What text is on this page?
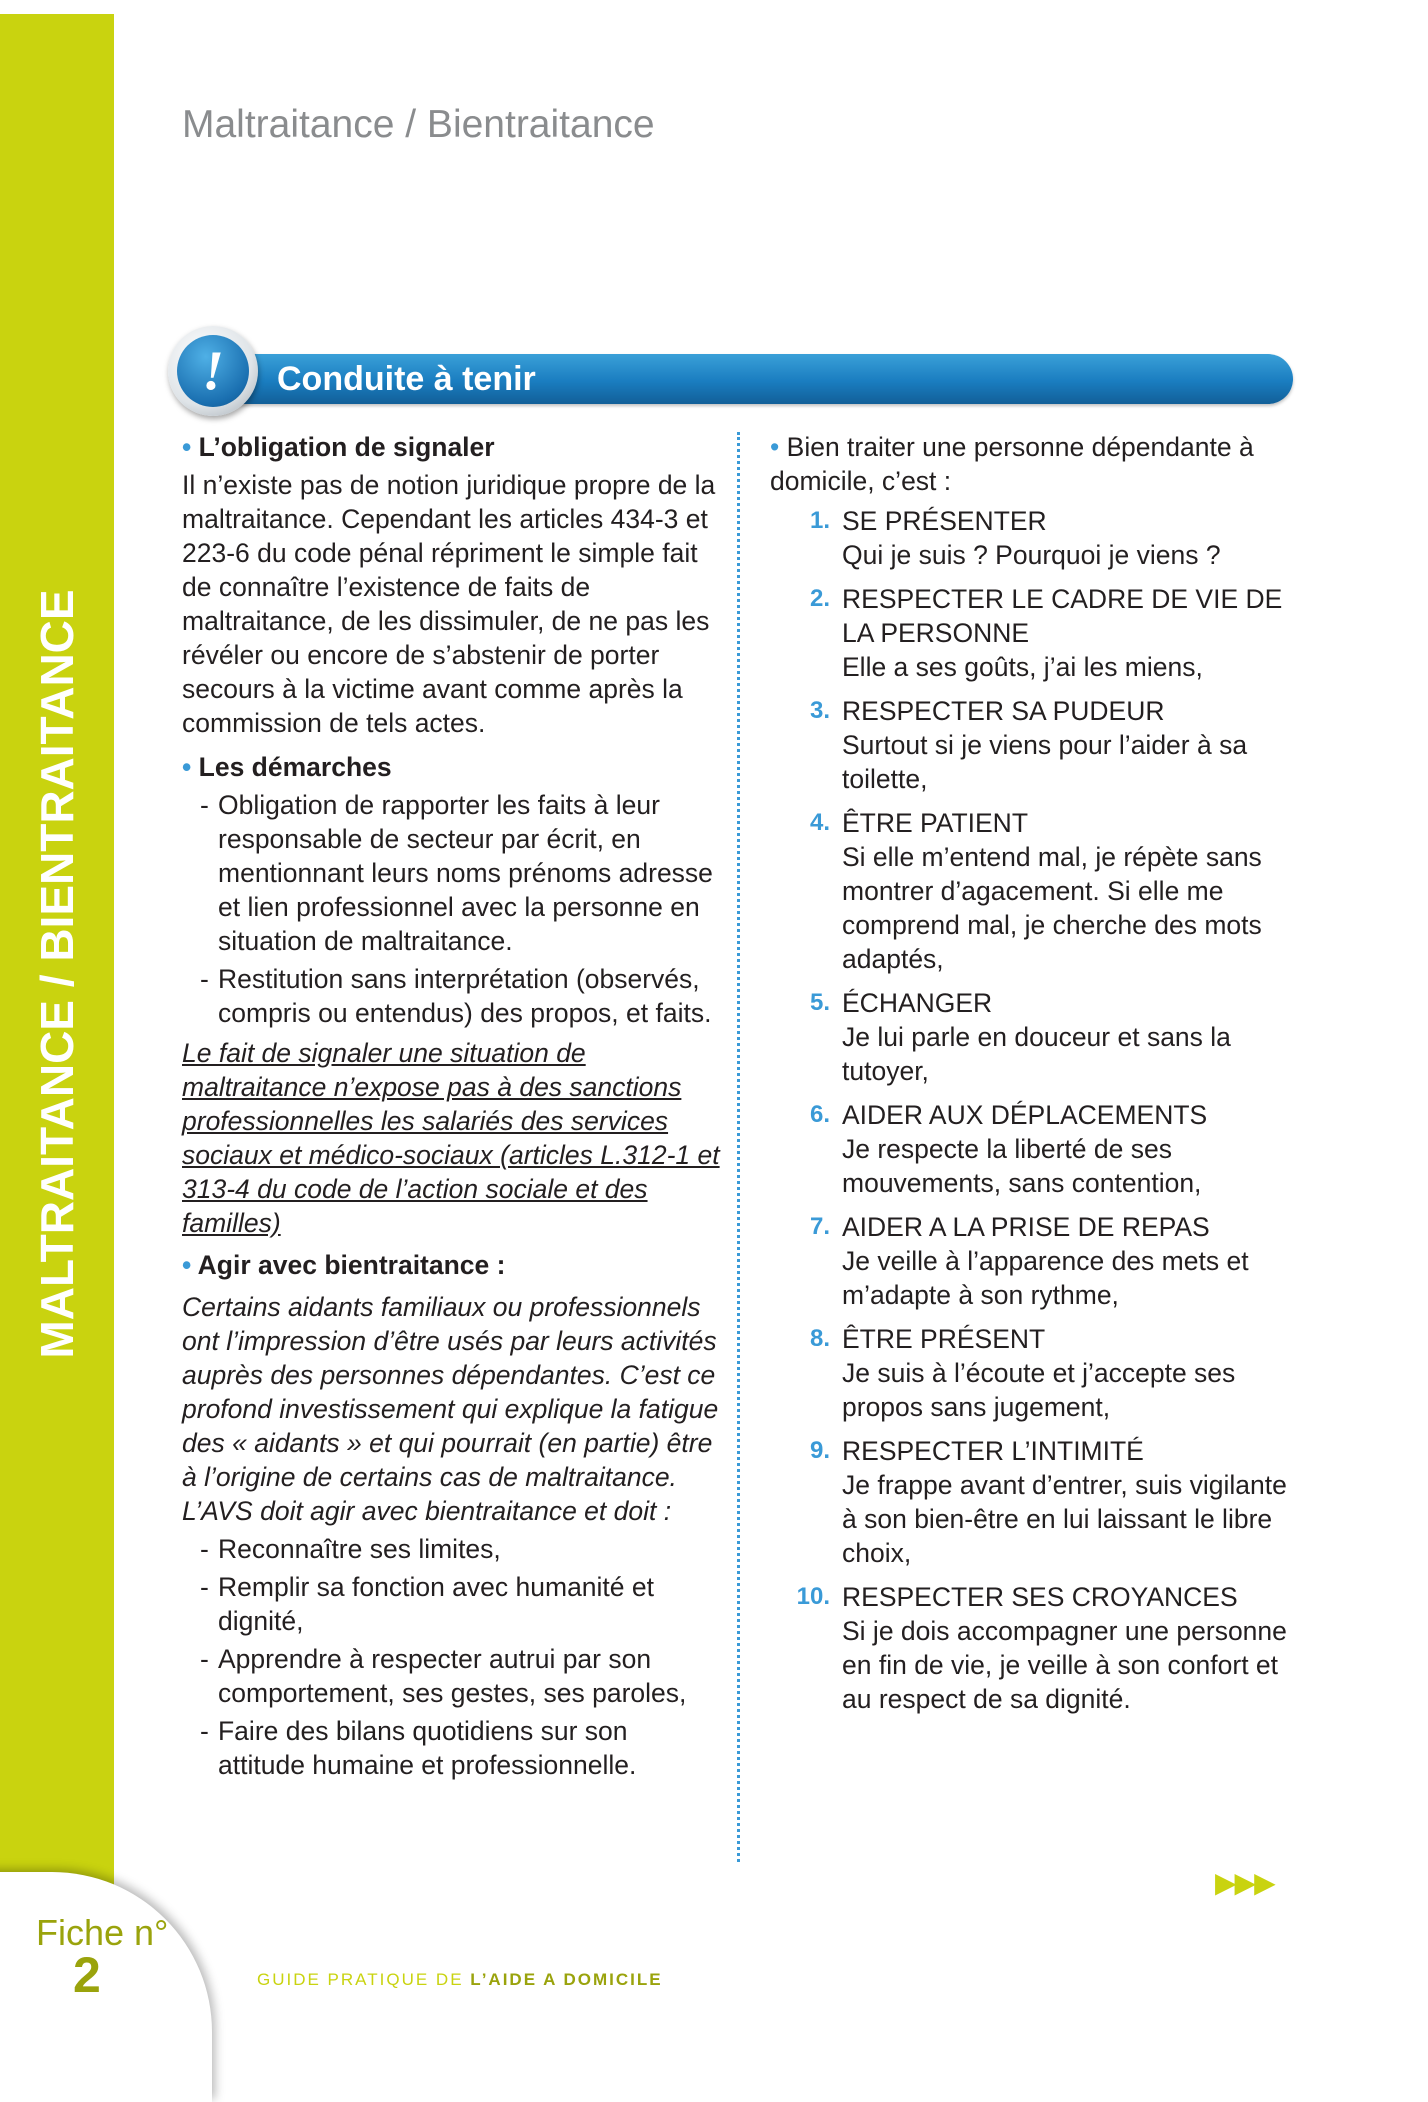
MALTRAITANCE / BIENTRAITANCE
Fiche n°
2
Maltraitance / Bientraitance
Conduite à tenir
!

• L’obligation de signaler

Il n’existe pas de notion juridique propre de la maltraitance. Cependant les articles 434-3 et 223-6 du code pénal répriment le simple fait de connaître l’existence de faits de maltraitance, de les dissimuler, de ne pas les révéler ou encore de s’abstenir de porter secours à la victime avant comme après la commission de tels actes.

• Les démarches

- Obligation de rapporter les faits à leur responsable de secteur par écrit, en mentionnant leurs noms prénoms adresse et lien professionnel avec la personne en situation de maltraitance.
- Restitution sans interprétation (observés, compris ou entendus) des propos, et faits.

Le fait de signaler une situation de maltraitance n’expose pas à des sanctions professionnelles les salariés des services sociaux et médico-sociaux (articles L.312-1 et 313-4 du code de l’action sociale et des familles)

• Agir avec bientraitance :

Certains aidants familiaux ou professionnels ont l’impression d’être usés par leurs activités auprès des personnes dépendantes. C’est ce profond investissement qui explique la fatigue des « aidants » et qui pourrait (en partie) être à l’origine de certains cas de maltraitance. L’AVS doit agir avec bientraitance et doit :

- Reconnaître ses limites,
- Remplir sa fonction avec humanité et dignité,
- Apprendre à respecter autrui par son comportement, ses gestes, ses paroles,
- Faire des bilans quotidiens sur son attitude humaine et professionnelle.

• Bien traiter une personne dépendante à domicile, c’est :

1. SE PRÉSENTER
Qui je suis ? Pourquoi je viens ?
2. RESPECTER LE CADRE DE VIE DE LA PERSONNE
Elle a ses goûts, j’ai les miens,
3. RESPECTER SA PUDEUR
Surtout si je viens pour l’aider à sa toilette,
4. ÊTRE PATIENT
Si elle m’entend mal, je répète sans montrer d’agacement. Si elle me comprend mal, je cherche des mots adaptés,
5. ÉCHANGER
Je lui parle en douceur et sans la tutoyer,
6. AIDER AUX DÉPLACEMENTS
Je respecte la liberté de ses mouvements, sans contention,
7. AIDER A LA PRISE DE REPAS
Je veille à l’apparence des mets et m’adapte à son rythme,
8. ÊTRE PRÉSENT
Je suis à l’écoute et j’accepte ses propos sans jugement,
9. RESPECTER L’INTIMITÉ
Je frappe avant d’entrer, suis vigilante à son bien-être en lui laissant le libre choix,
10. RESPECTER SES CROYANCES
Si je dois accompagner une personne en fin de vie, je veille à son confort et au respect de sa dignité.
▶▶▶
GUIDE PRATIQUE DE L’AIDE A DOMICILE
